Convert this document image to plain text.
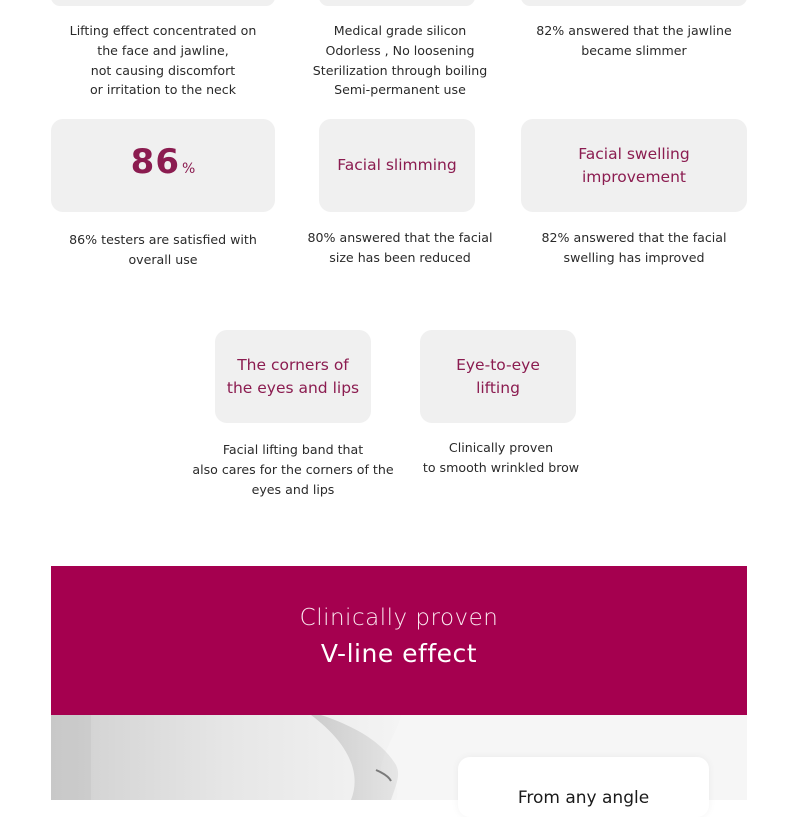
Lifting effect concentrated on
the face and jawline,
not causing discomfort
or irritation to the neck
Medical grade silicon
Odorless , No loosening
Sterilization through boiling
Semi-permanent use
82% answered that the jawline
became slimmer
86 %	Facial slimming
Facial swelling
improvement
86% testers are satisfied with
overall use
80% answered that the facial
size has been reduced
82% answered that the facial
swelling has improved
The corners of
the eyes and lips
Eye-to-eye
lifting
Facial lifting band that
also cares for the corners of the
eyes and lips
Clinically proven
to smooth wrinkled brow
Clinically proven
V-line effect
From any angle
